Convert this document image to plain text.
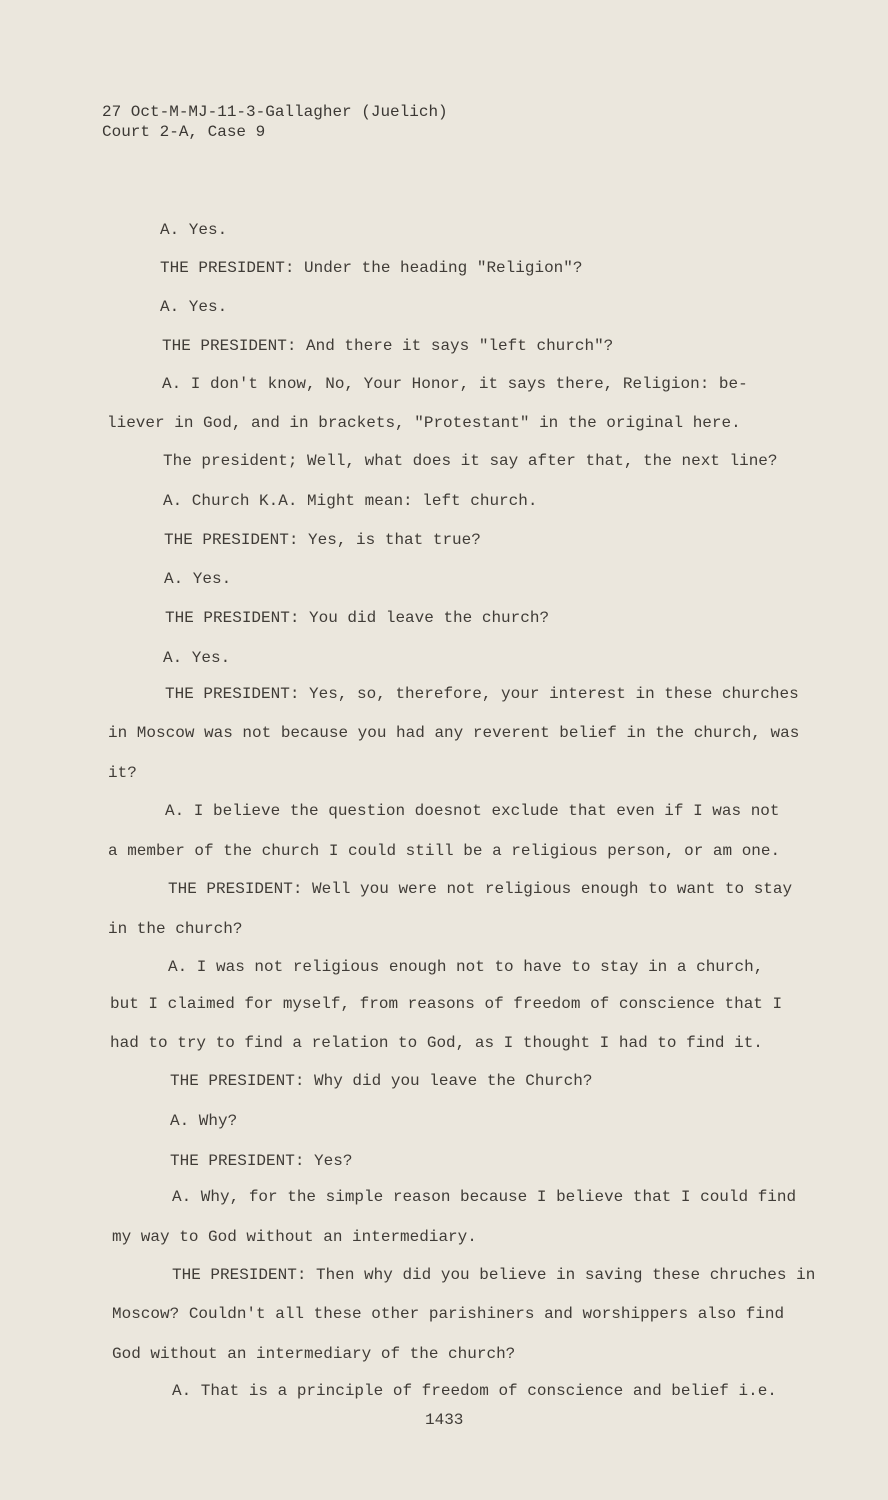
27 Oct-M-MJ-11-3-Gallagher (Juelich)
Court 2-A, Case 9
A. Yes.
THE PRESIDENT: Under the heading "Religion"?
A. Yes.
THE PRESIDENT: And there it says "left church"?
A. I don't know, No, Your Honor, it says there, Religion: be-
liever in God, and in brackets, "Protestant" in the original here.
The president; Well, what does it say after that, the next line?
A. Church K.A. Might mean: left church.
THE PRESIDENT: Yes, is that true?
A. Yes.
THE PRESIDENT: You did leave the church?
A. Yes.
THE PRESIDENT: Yes, so, therefore, your interest in these churches
in Moscow was not because you had any reverent belief in the church, was
it?
A. I believe the question doesnot exclude that even if I was not
a member of the church I could still be a religious person, or am one.
THE PRESIDENT: Well you were not religious enough to want to stay
in the church?
A. I was not religious enough not to have to stay in a church,
but I claimed for myself, from reasons of freedom of conscience that I
had to try to find a relation to God, as I thought I had to find it.
THE PRESIDENT: Why did you leave the Church?
A. Why?
THE PRESIDENT: Yes?
A. Why, for the simple reason because I believe that I could find
my way to God without an intermediary.
THE PRESIDENT: Then why did you believe in saving these chruches in
Moscow? Couldn't all these other parishiners and worshippers also find
God without an intermediary of the church?
A. That is a principle of freedom of conscience and belief i.e.
1433
